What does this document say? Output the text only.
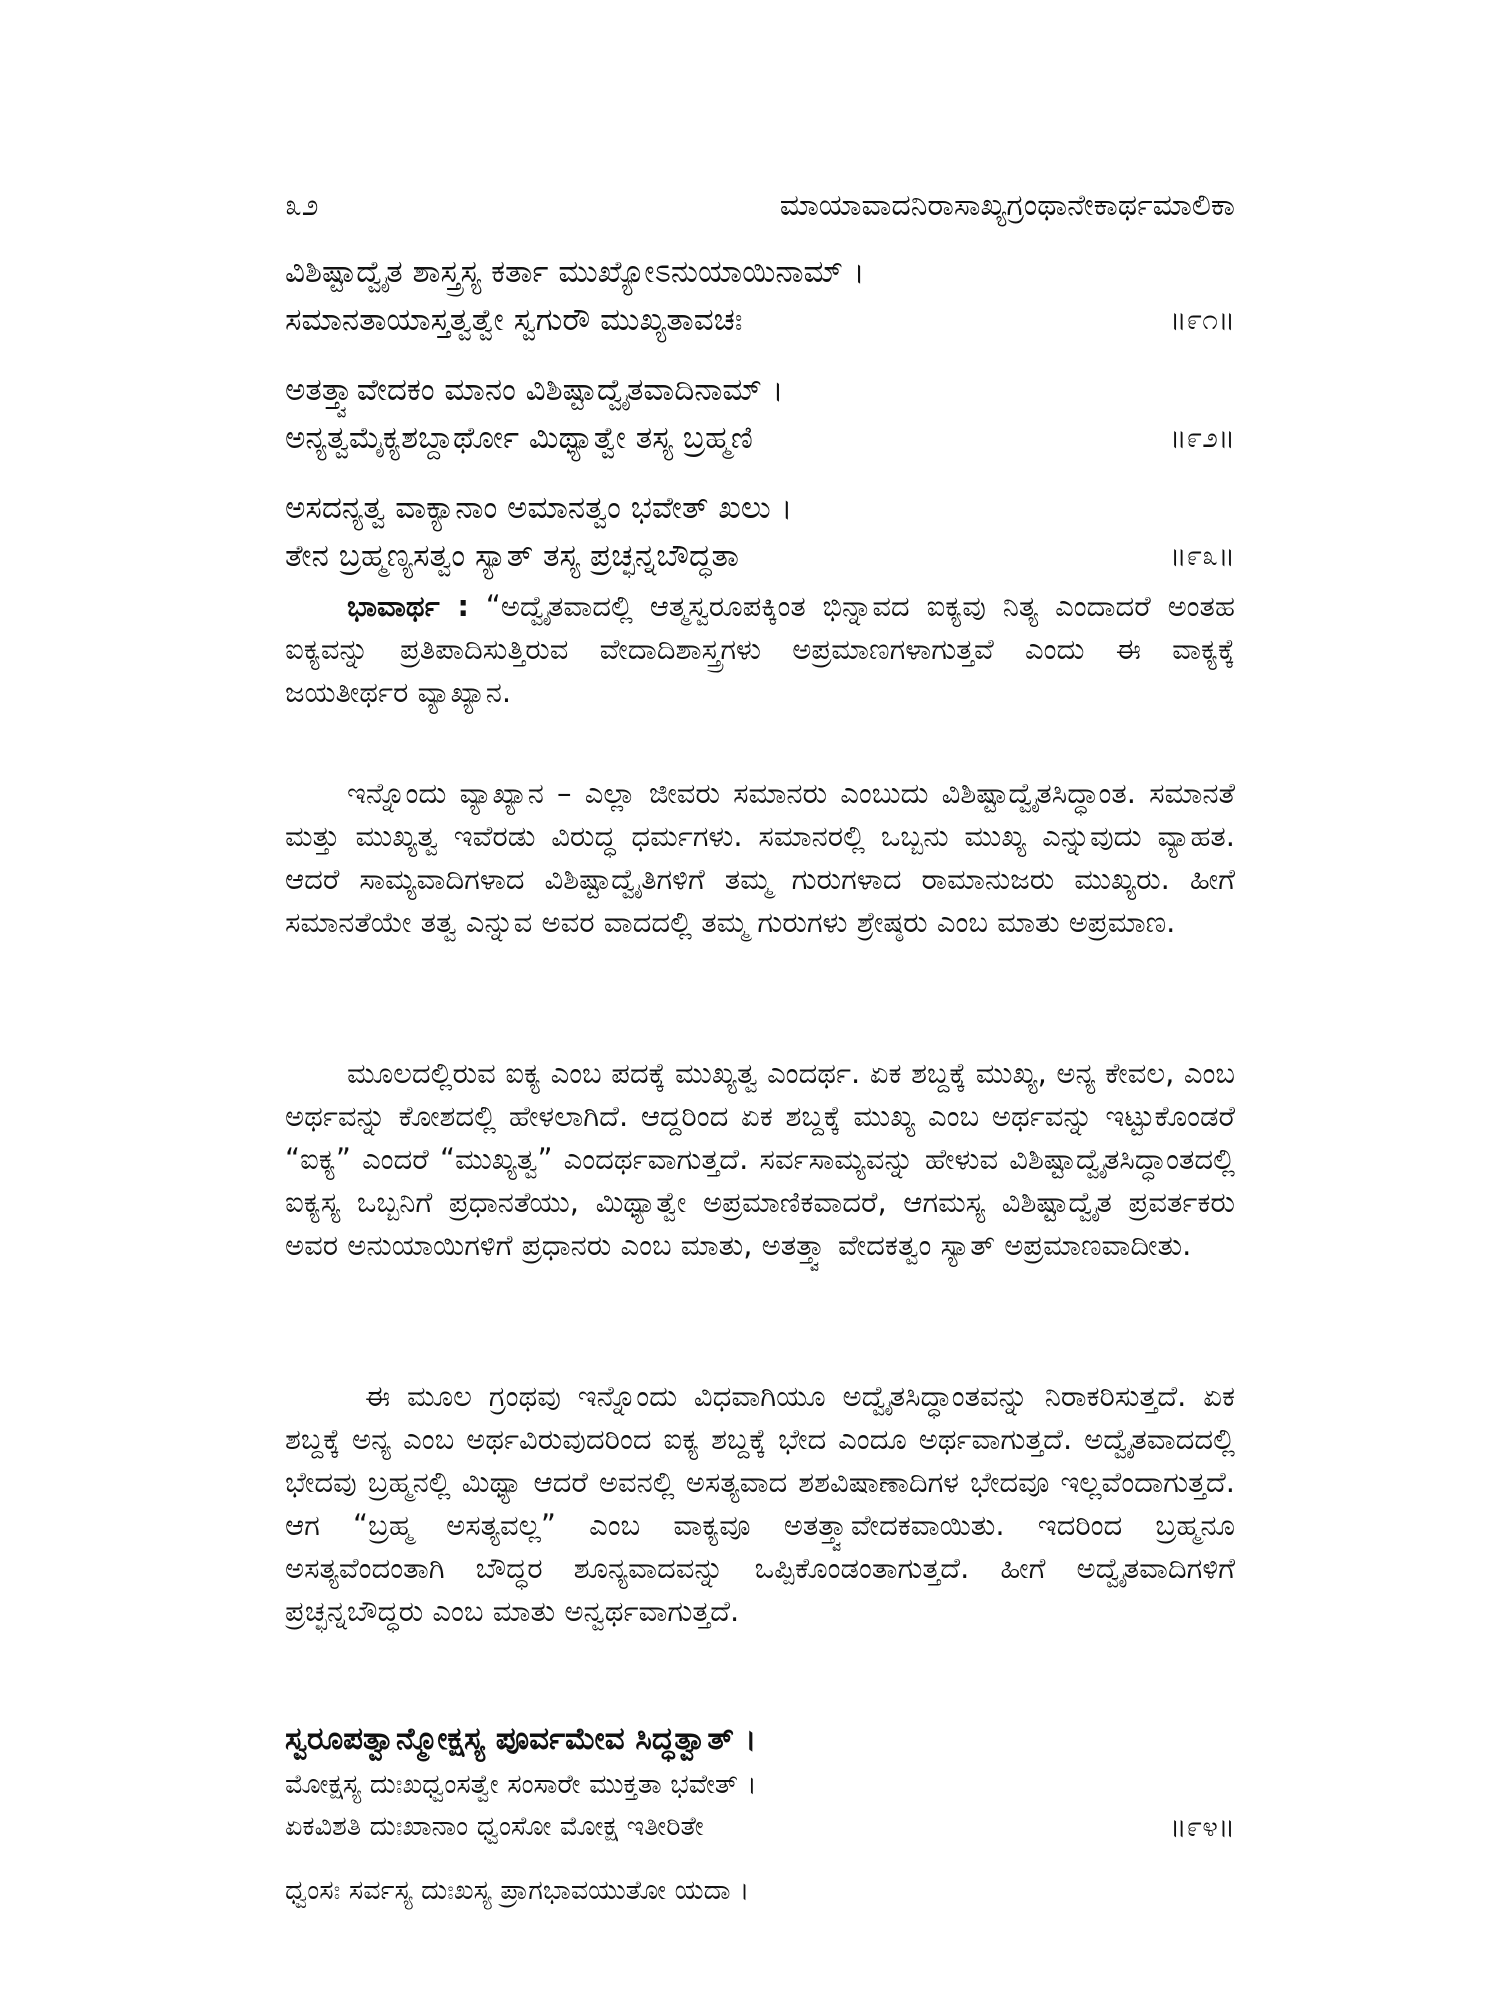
೩೨	ಮಾಯಾವಾದನಿರಾಸಾಖ್ಯಗ್ರಂಥಾನೇಕಾರ್ಥಮಾಲಿಕಾ
ವಿಶಿಷ್ಟಾದ್ವೈತ ಶಾಸ್ತ್ರಸ್ಯ ಕರ್ತಾ ಮುಖ್ಯೋಽನುಯಾಯಿನಾಮ್ ।
ಸಮಾನತಾಯಾಸ್ತತ್ವತ್ವೇ ಸ್ವಗುರೌ ಮುಖ್ಯತಾವಚಃ	॥೯೧॥
ಅತತ್ತ್ವಾವೇದಕಂ ಮಾನಂ ವಿಶಿಷ್ಟಾದ್ವೈತವಾದಿನಾಮ್ ।
ಅನ್ಯತ್ವಮೈಕ್ಯಶಬ್ದಾರ್ಥೋ ಮಿಥ್ಯಾತ್ವೇ ತಸ್ಯ ಬ್ರಹ್ಮಣಿ	॥೯೨॥
ಅಸದನ್ಯತ್ವ ವಾಕ್ಯಾನಾಂ ಅಮಾನತ್ವಂ ಭವೇತ್ ಖಲು ।
ತೇನ ಬ್ರಹ್ಮಣ್ಯಸತ್ವಂ ಸ್ಯಾತ್ ತಸ್ಯ ಪ್ರಚ್ಛನ್ನಬೌದ್ಧತಾ	॥೯೩॥

ಭಾವಾರ್ಥ : “ಅದ್ವೈತವಾದಲ್ಲಿ ಆತ್ಮಸ್ವರೂಪಕ್ಕಿಂತ ಭಿನ್ನಾವದ ಐಕ್ಯವು ನಿತ್ಯ ಎಂದಾದರೆ ಅಂತಹ ಐಕ್ಯವನ್ನು ಪ್ರತಿಪಾದಿಸುತ್ತಿರುವ ವೇದಾದಿಶಾಸ್ತ್ರಗಳು ಅಪ್ರಮಾಣಗಳಾಗುತ್ತವೆ ಎಂದು ಈ ವಾಕ್ಯಕ್ಕೆ ಜಯತೀರ್ಥರ ವ್ಯಾಖ್ಯಾನ.

ಇನ್ನೊಂದು ವ್ಯಾಖ್ಯಾನ – ಎಲ್ಲಾ ಜೀವರು ಸಮಾನರು ಎಂಬುದು ವಿಶಿಷ್ಟಾದ್ವೈತಸಿದ್ಧಾಂತ. ಸಮಾನತೆ ಮತ್ತು ಮುಖ್ಯತ್ವ ಇವೆರಡು ವಿರುದ್ಧ ಧರ್ಮಗಳು. ಸಮಾನರಲ್ಲಿ ಒಬ್ಬನು ಮುಖ್ಯ ಎನ್ನುವುದು ವ್ಯಾಹತ. ಆದರೆ ಸಾಮ್ಯವಾದಿಗಳಾದ ವಿಶಿಷ್ಟಾದ್ವೈತಿಗಳಿಗೆ ತಮ್ಮ ಗುರುಗಳಾದ ರಾಮಾನುಜರು ಮುಖ್ಯರು. ಹೀಗೆ ಸಮಾನತೆಯೇ ತತ್ವ ಎನ್ನುವ ಅವರ ವಾದದಲ್ಲಿ ತಮ್ಮ ಗುರುಗಳು ಶ್ರೇಷ್ಠರು ಎಂಬ ಮಾತು ಅಪ್ರಮಾಣ.

ಮೂಲದಲ್ಲಿರುವ ಐಕ್ಯ ಎಂಬ ಪದಕ್ಕೆ ಮುಖ್ಯತ್ವ ಎಂದರ್ಥ. ಏಕ ಶಬ್ದಕ್ಕೆ ಮುಖ್ಯ, ಅನ್ಯ ಕೇವಲ, ಎಂಬ ಅರ್ಥವನ್ನು ಕೋಶದಲ್ಲಿ ಹೇಳಲಾಗಿದೆ. ಆದ್ದರಿಂದ ಏಕ ಶಬ್ದಕ್ಕೆ ಮುಖ್ಯ ಎಂಬ ಅರ್ಥವನ್ನು ಇಟ್ಟುಕೊಂಡರೆ “ಐಕ್ಯ” ಎಂದರೆ “ಮುಖ್ಯತ್ವ” ಎಂದರ್ಥವಾಗುತ್ತದೆ. ಸರ್ವಸಾಮ್ಯವನ್ನು ಹೇಳುವ ವಿಶಿಷ್ಟಾದ್ವೈತಸಿದ್ಧಾಂತದಲ್ಲಿ ಐಕ್ಯಸ್ಯ ಒಬ್ಬನಿಗೆ ಪ್ರಧಾನತೆಯು, ಮಿಥ್ಯಾತ್ವೇ ಅಪ್ರಮಾಣಿಕವಾದರೆ, ಆಗಮಸ್ಯ ವಿಶಿಷ್ಟಾದ್ವೈತ ಪ್ರವರ್ತಕರು ಅವರ ಅನುಯಾಯಿಗಳಿಗೆ ಪ್ರಧಾನರು ಎಂಬ ಮಾತು, ಅತತ್ತ್ವಾ ವೇದಕತ್ವಂ ಸ್ಯಾತ್ ಅಪ್ರಮಾಣವಾದೀತು.

ಈ ಮೂಲ ಗ್ರಂಥವು ಇನ್ನೊಂದು ವಿಧವಾಗಿಯೂ ಅದ್ವೈತಸಿದ್ಧಾಂತವನ್ನು ನಿರಾಕರಿಸುತ್ತದೆ. ಏಕ ಶಬ್ದಕ್ಕೆ ಅನ್ಯ ಎಂಬ ಅರ್ಥವಿರುವುದರಿಂದ ಐಕ್ಯ ಶಬ್ದಕ್ಕೆ ಭೇದ ಎಂದೂ ಅರ್ಥವಾಗುತ್ತದೆ. ಅದ್ವೈತವಾದದಲ್ಲಿ ಭೇದವು ಬ್ರಹ್ಮನಲ್ಲಿ ಮಿಥ್ಯಾ ಆದರೆ ಅವನಲ್ಲಿ ಅಸತ್ಯವಾದ ಶಶವಿಷಾಣಾದಿಗಳ ಭೇದವೂ ಇಲ್ಲವೆಂದಾಗುತ್ತದೆ. ಆಗ “ಬ್ರಹ್ಮ ಅಸತ್ಯವಲ್ಲ” ಎಂಬ ವಾಕ್ಯವೂ ಅತತ್ತ್ವಾವೇದಕವಾಯಿತು. ಇದರಿಂದ ಬ್ರಹ್ಮನೂ ಅಸತ್ಯವೆಂದಂತಾಗಿ ಬೌದ್ಧರ ಶೂನ್ಯವಾದವನ್ನು ಒಪ್ಪಿಕೊಂಡಂತಾಗುತ್ತದೆ. ಹೀಗೆ ಅದ್ವೈತವಾದಿಗಳಿಗೆ ಪ್ರಚ್ಛನ್ನಬೌದ್ಧರು ಎಂಬ ಮಾತು ಅನ್ವರ್ಥವಾಗುತ್ತದೆ.

ಸ್ವರೂಪತ್ವಾನ್ಮೋಕ್ಷಸ್ಯ ಪೂರ್ವಮೇವ ಸಿದ್ಧತ್ವಾತ್ ।
ಮೋಕ್ಷಸ್ಯ ದುಃಖಧ್ವಂಸತ್ವೇ ಸಂಸಾರೇ ಮುಕ್ತತಾ ಭವೇತ್ ।
ಏಕವಿಶತಿ ದುಃಖಾನಾಂ ಧ್ವಂಸೋ ಮೋಕ್ಷ ಇತೀರಿತೇ	॥೯೪॥
ಧ್ವಂಸಃ ಸರ್ವಸ್ಯ ದುಃಖಸ್ಯ ಪ್ರಾಗಭಾವಯುತೋ ಯದಾ ।
